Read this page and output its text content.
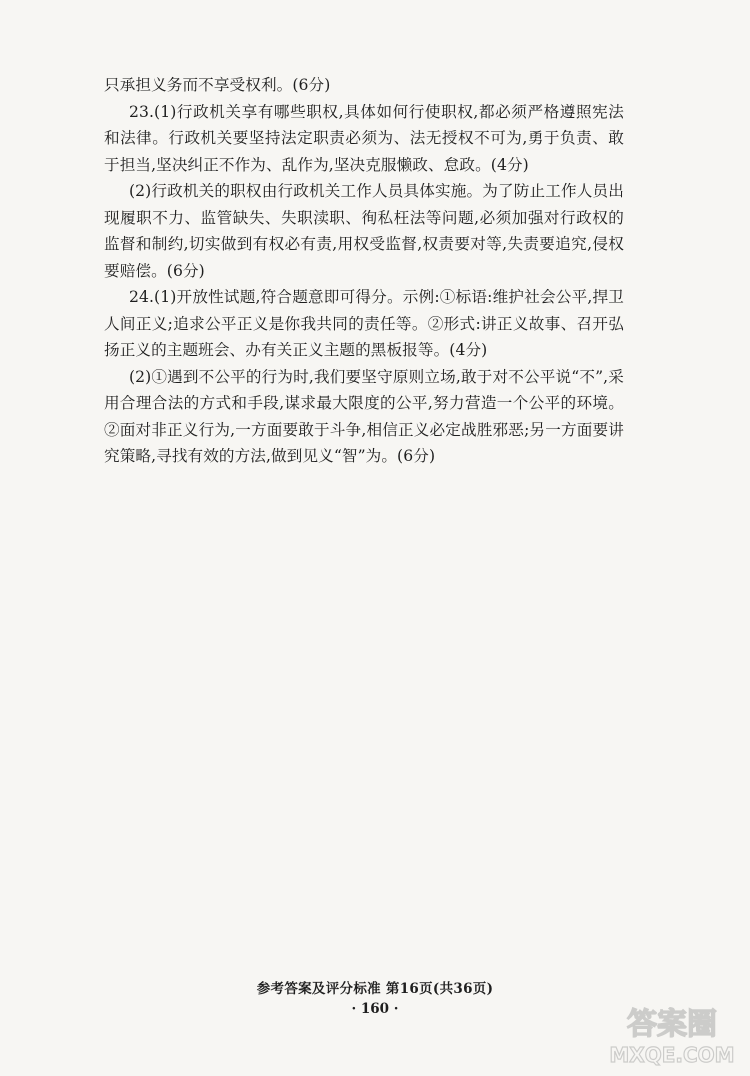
只承担义务而不享受权利。(6分)

23.(1)行政机关享有哪些职权,具体如何行使职权,都必须严格遵照宪法和法律。行政机关要坚持法定职责必须为、法无授权不可为,勇于负责、敢于担当,坚决纠正不作为、乱作为,坚决克服懒政、怠政。(4分)

(2)行政机关的职权由行政机关工作人员具体实施。为了防止工作人员出现履职不力、监管缺失、失职渎职、徇私枉法等问题,必须加强对行政权的监督和制约,切实做到有权必有责,用权受监督,权责要对等,失责要追究,侵权要赔偿。(6分)

24.(1)开放性试题,符合题意即可得分。示例:①标语:维护社会公平,捍卫人间正义;追求公平正义是你我共同的责任等。②形式:讲正义故事、召开弘扬正义的主题班会、办有关正义主题的黑板报等。(4分)

(2)①遇到不公平的行为时,我们要坚守原则立场,敢于对不公平说“不”,采用合理合法的方式和手段,谋求最大限度的公平,努力营造一个公平的环境。②面对非正义行为,一方面要敢于斗争,相信正义必定战胜邪恶;另一方面要讲究策略,寻找有效的方法,做到见义“智”为。(6分)

参考答案及评分标准 第16页(共36页)
· 160 ·	答案圈
MXQE.COM
